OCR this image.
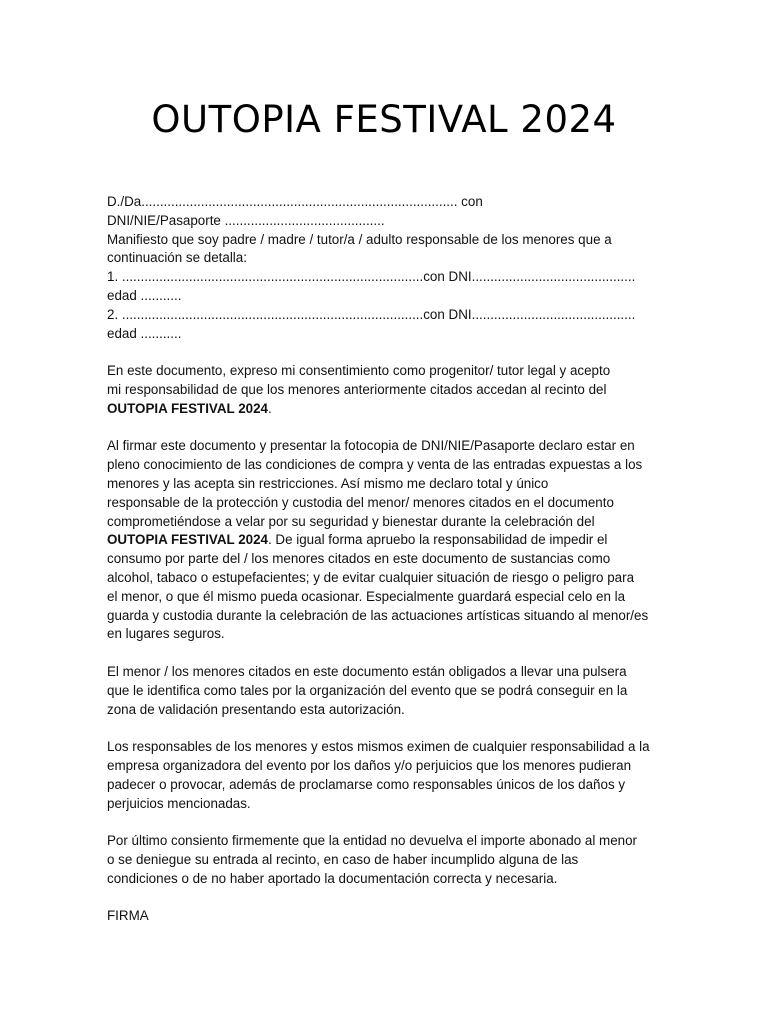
OUTOPIA FESTIVAL 2024
D./Da..................................................................................... con
DNI/NIE/Pasaporte ...........................................
Manifiesto que soy padre / madre / tutor/a / adulto responsable de los menores que a
continuación se detalla:
1. .................................................................................con DNI............................................
edad ...........
2. .................................................................................con DNI............................................
edad ...........
En este documento, expreso mi consentimiento como progenitor/ tutor legal y acepto
mi responsabilidad de que los menores anteriormente citados accedan al recinto del
OUTOPIA FESTIVAL 2024.
Al firmar este documento y presentar la fotocopia de DNI/NIE/Pasaporte declaro estar en
pleno conocimiento de las condiciones de compra y venta de las entradas expuestas a los
menores y las acepta sin restricciones. Así mismo me declaro total y único
responsable de la protección y custodia del menor/ menores citados en el documento
comprometiéndose a velar por su seguridad y bienestar durante la celebración del
OUTOPIA FESTIVAL 2024. De igual forma apruebo la responsabilidad de impedir el
consumo por parte del / los menores citados en este documento de sustancias como
alcohol, tabaco o estupefacientes; y de evitar cualquier situación de riesgo o peligro para
el menor, o que él mismo pueda ocasionar. Especialmente guardará especial celo en la
guarda y custodia durante la celebración de las actuaciones artísticas situando al menor/es
en lugares seguros.
El menor / los menores citados en este documento están obligados a llevar una pulsera
que le identifica como tales por la organización del evento que se podrá conseguir en la
zona de validación presentando esta autorización.
Los responsables de los menores y estos mismos eximen de cualquier responsabilidad a la
empresa organizadora del evento por los daños y/o perjuicios que los menores pudieran
padecer o provocar, además de proclamarse como responsables únicos de los daños y
perjuicios mencionadas.
Por último consiento firmemente que la entidad no devuelva el importe abonado al menor
o se deniegue su entrada al recinto, en caso de haber incumplido alguna de las
condiciones o de no haber aportado la documentación correcta y necesaria.
FIRMA
